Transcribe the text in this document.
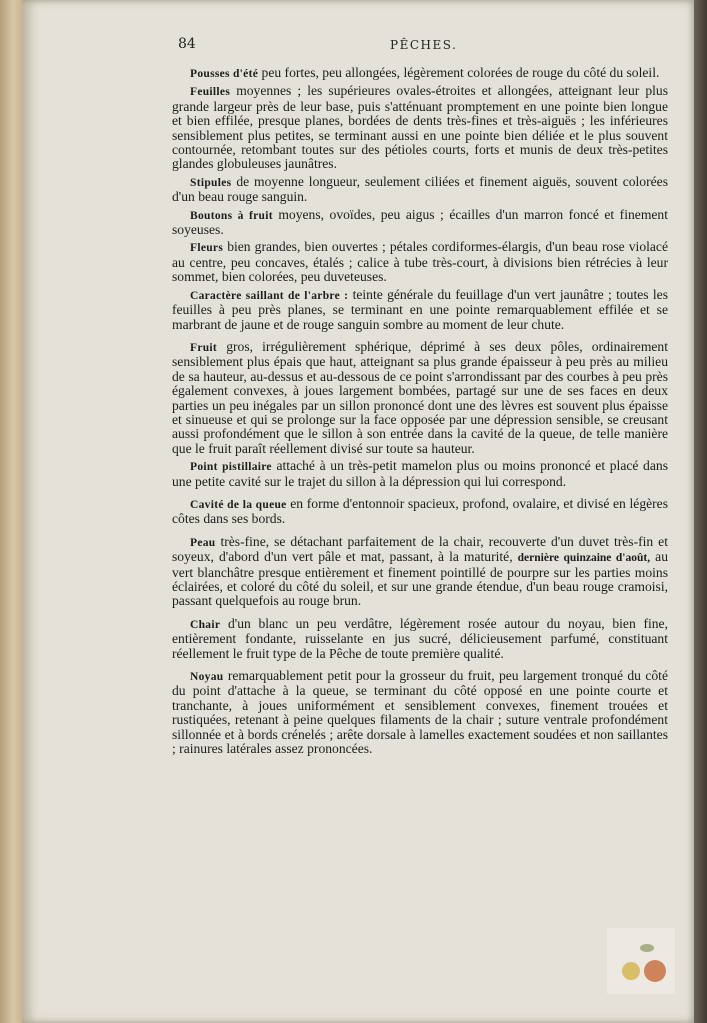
84	PÊCHES.

Pousses d'été peu fortes, peu allongées, légèrement colorées de rouge du côté du soleil.

Feuilles moyennes ; les supérieures ovales-étroites et allongées, atteignant leur plus grande largeur près de leur base, puis s'atténuant promptement en une pointe bien longue et bien effilée, presque planes, bordées de dents très-fines et très-aiguës ; les inférieures sensiblement plus petites, se terminant aussi en une pointe bien déliée et le plus souvent contournée, retombant toutes sur des pétioles courts, forts et munis de deux très-petites glandes globuleuses jaunâtres.

Stipules de moyenne longueur, seulement ciliées et finement aiguës, souvent colorées d'un beau rouge sanguin.

Boutons à fruit moyens, ovoïdes, peu aigus ; écailles d'un marron foncé et finement soyeuses.

Fleurs bien grandes, bien ouvertes ; pétales cordiformes-élargis, d'un beau rose violacé au centre, peu concaves, étalés ; calice à tube très-court, à divisions bien rétrécies à leur sommet, bien colorées, peu duveteuses.

Caractère saillant de l'arbre : teinte générale du feuillage d'un vert jaunâtre ; toutes les feuilles à peu près planes, se terminant en une pointe remarquablement effilée et se marbrant de jaune et de rouge sanguin sombre au moment de leur chute.

Fruit gros, irrégulièrement sphérique, déprimé à ses deux pôles, ordinairement sensiblement plus épais que haut, atteignant sa plus grande épaisseur à peu près au milieu de sa hauteur, au-dessus et au-dessous de ce point s'arrondissant par des courbes à peu près également convexes, à joues largement bombées, partagé sur une de ses faces en deux parties un peu inégales par un sillon prononcé dont une des lèvres est souvent plus épaisse et sinueuse et qui se prolonge sur la face opposée par une dépression sensible, se creusant aussi profondément que le sillon à son entrée dans la cavité de la queue, de telle manière que le fruit paraît réellement divisé sur toute sa hauteur.

Point pistillaire attaché à un très-petit mamelon plus ou moins prononcé et placé dans une petite cavité sur le trajet du sillon à la dépression qui lui correspond.

Cavité de la queue en forme d'entonnoir spacieux, profond, ovalaire, et divisé en légères côtes dans ses bords.

Peau très-fine, se détachant parfaitement de la chair, recouverte d'un duvet très-fin et soyeux, d'abord d'un vert pâle et mat, passant, à la maturité, dernière quinzaine d'août, au vert blanchâtre presque entièrement et finement pointillé de pourpre sur les parties moins éclairées, et coloré du côté du soleil, et sur une grande étendue, d'un beau rouge cramoisi, passant quelquefois au rouge brun.

Chair d'un blanc un peu verdâtre, légèrement rosée autour du noyau, bien fine, entièrement fondante, ruisselante en jus sucré, délicieusement parfumé, constituant réellement le fruit type de la Pêche de toute première qualité.

Noyau remarquablement petit pour la grosseur du fruit, peu largement tronqué du côté du point d'attache à la queue, se terminant du côté opposé en une pointe courte et tranchante, à joues uniformément et sensiblement convexes, finement trouées et rustiquées, retenant à peine quelques filaments de la chair ; suture ventrale profondément sillonnée et à bords crénelés ; arête dorsale à lamelles exactement soudées et non saillantes ; rainures latérales assez prononcées.
